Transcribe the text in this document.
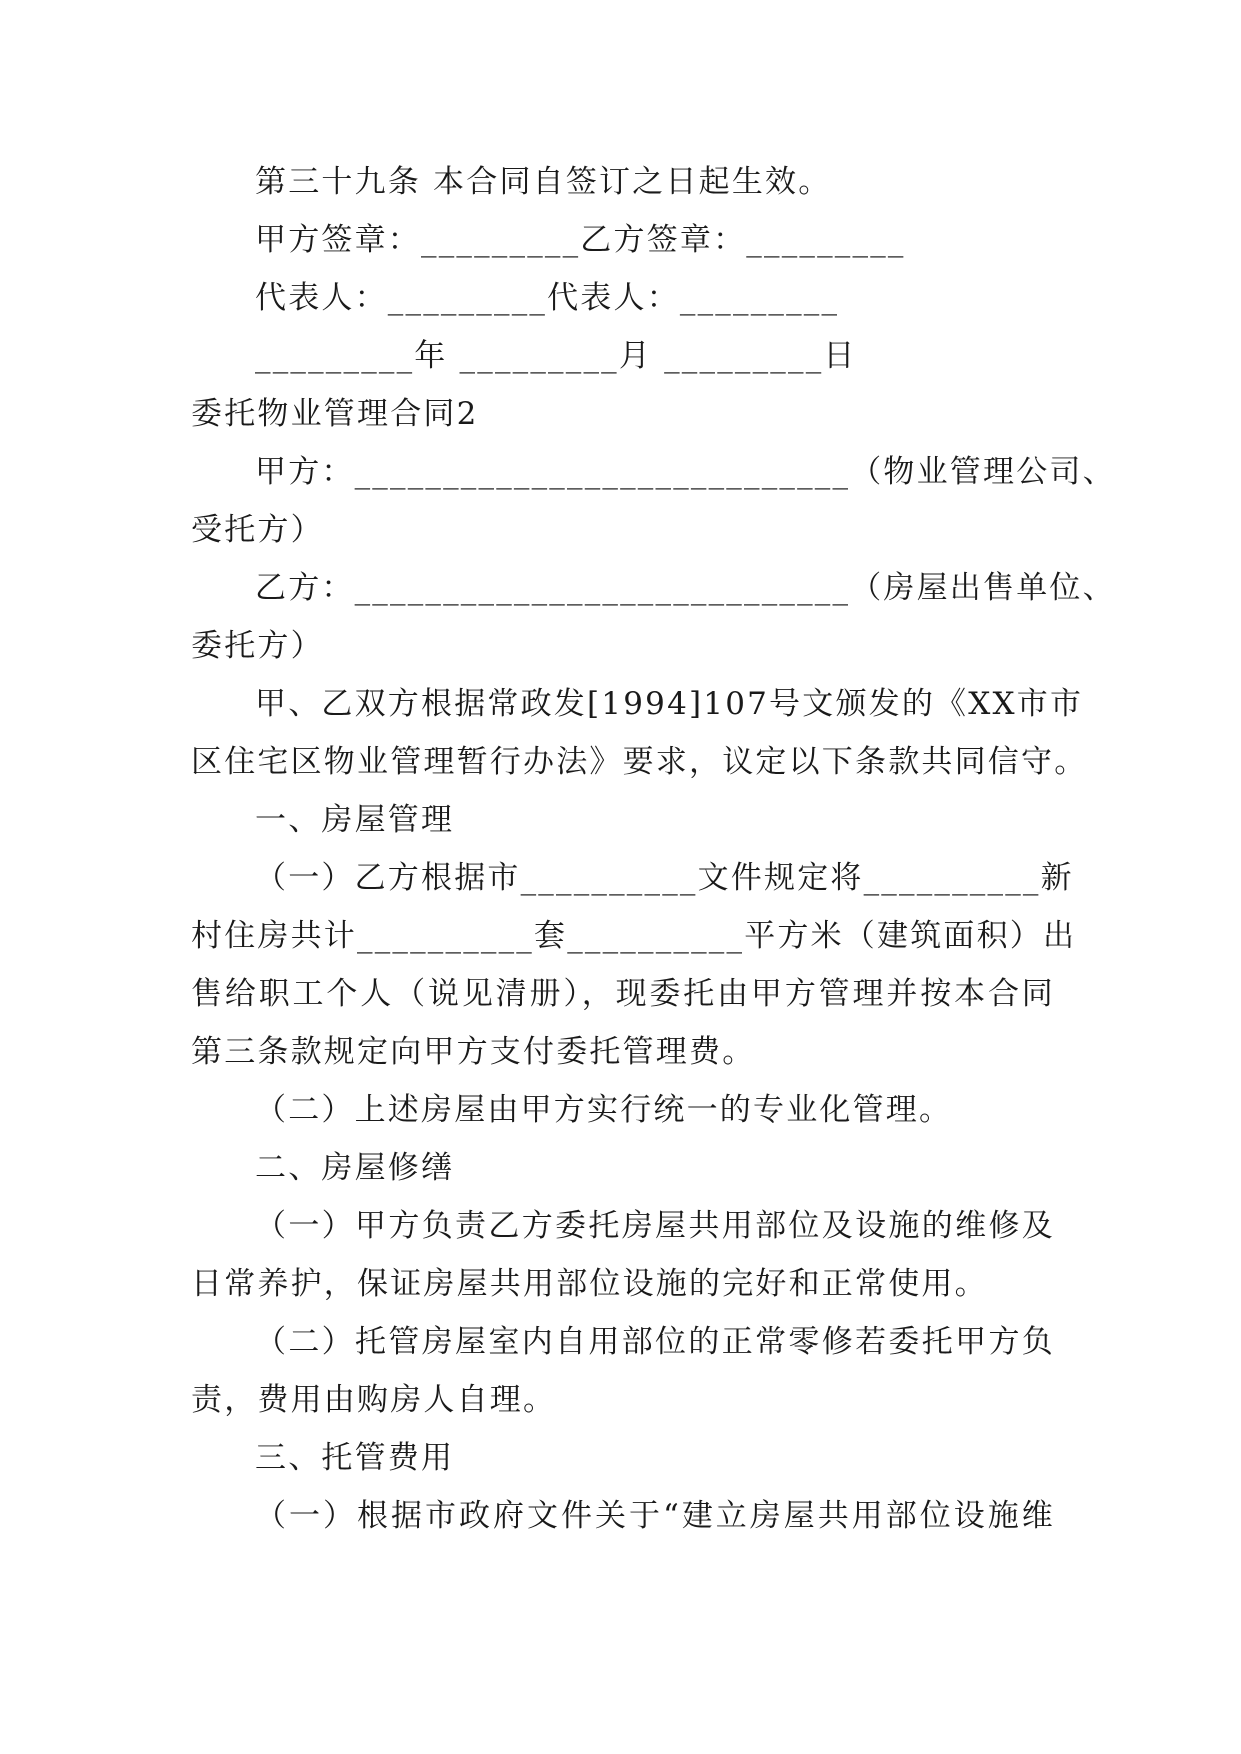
第三十九条 本合同自签订之日起生效。
甲方签章：_________乙方签章：_________
代表人：_________代表人：_________
_________年 _________月 _________日
委托物业管理合同2
甲方：____________________________（物业管理公司、
受托方）
乙方：____________________________（房屋出售单位、
委托方）
甲、乙双方根据常政发[1994]107号文颁发的《XX市市
区住宅区物业管理暂行办法》要求，议定以下条款共同信守。
一、房屋管理
（一）乙方根据市__________文件规定将__________新
村住房共计__________套__________平方米（建筑面积）出
售给职工个人（说见清册），现委托由甲方管理并按本合同
第三条款规定向甲方支付委托管理费。
（二）上述房屋由甲方实行统一的专业化管理。
二、房屋修缮
（一）甲方负责乙方委托房屋共用部位及设施的维修及
日常养护，保证房屋共用部位设施的完好和正常使用。
（二）托管房屋室内自用部位的正常零修若委托甲方负
责，费用由购房人自理。
三、托管费用
（一）根据市政府文件关于“建立房屋共用部位设施维
